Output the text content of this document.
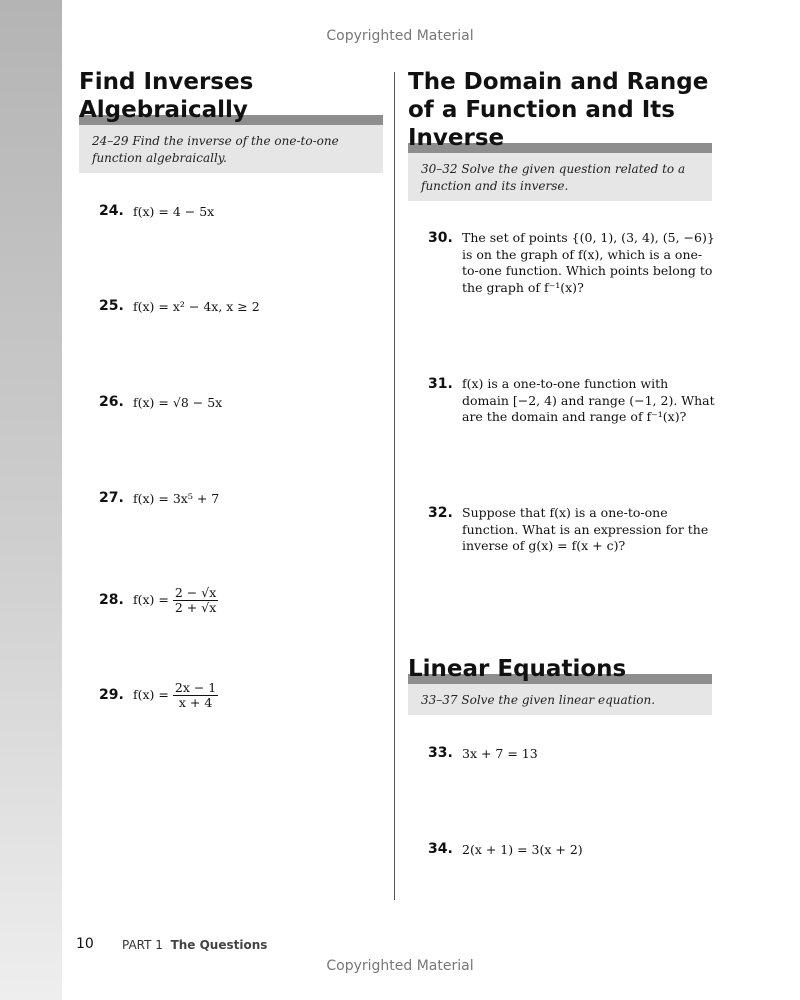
Copyrighted Material
Find Inverses
Algebraically
24–29 Find the inverse of the one-to-one function algebraically.
24. f(x) = 4 − 5x
25. f(x) = x² − 4x, x ≥ 2
26. f(x) = √8 − 5x
27. f(x) = 3x⁵ + 7
28. $f(x) = \frac{2 - √x}{2 + √x}$
29. $f(x) = \frac{2x - 1}{x + 4}$
The Domain and Range
of a Function and Its
Inverse
30–32 Solve the given question related to a function and its inverse.
30. The set of points {(0, 1), (3, 4), (5, −6)} is on the graph of f(x), which is a one-to-one function. Which points belong to the graph of f⁻¹(x)?
31. f(x) is a one-to-one function with domain [−2, 4) and range (−1, 2). What are the domain and range of f⁻¹(x)?
32. Suppose that f(x) is a one-to-one function. What is an expression for the inverse of g(x) = f(x + c)?
Linear Equations
33–37 Solve the given linear equation.
33. 3x + 7 = 13
34. 2(x + 1) = 3(x + 2)
10 PART 1 The Questions
Copyrighted Material
